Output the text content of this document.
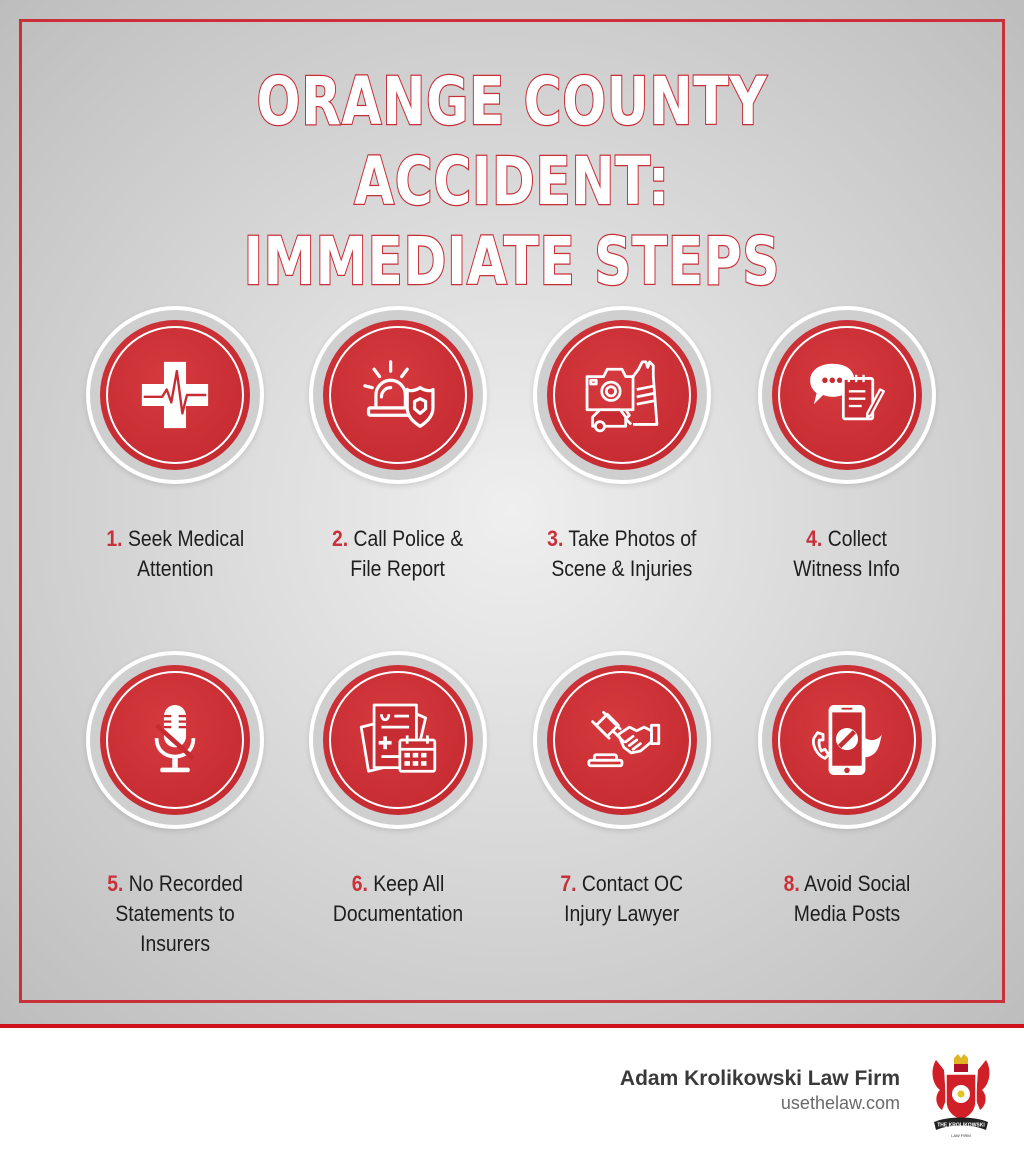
ORANGE COUNTY ACCIDENT:
IMMEDIATE STEPS
1. Seek Medical
Attention
2. Call Police &
File Report
3. Take Photos of
Scene & Injuries
4. Collect
Witness Info
5. No Recorded
Statements to
Insurers
6. Keep All
Documentation
7. Contact OC
Injury Lawyer
8. Avoid Social
Media Posts
Adam Krolikowski Law Firm
usethelaw.com
THE KROLIKOWSKI
LAW FIRM
